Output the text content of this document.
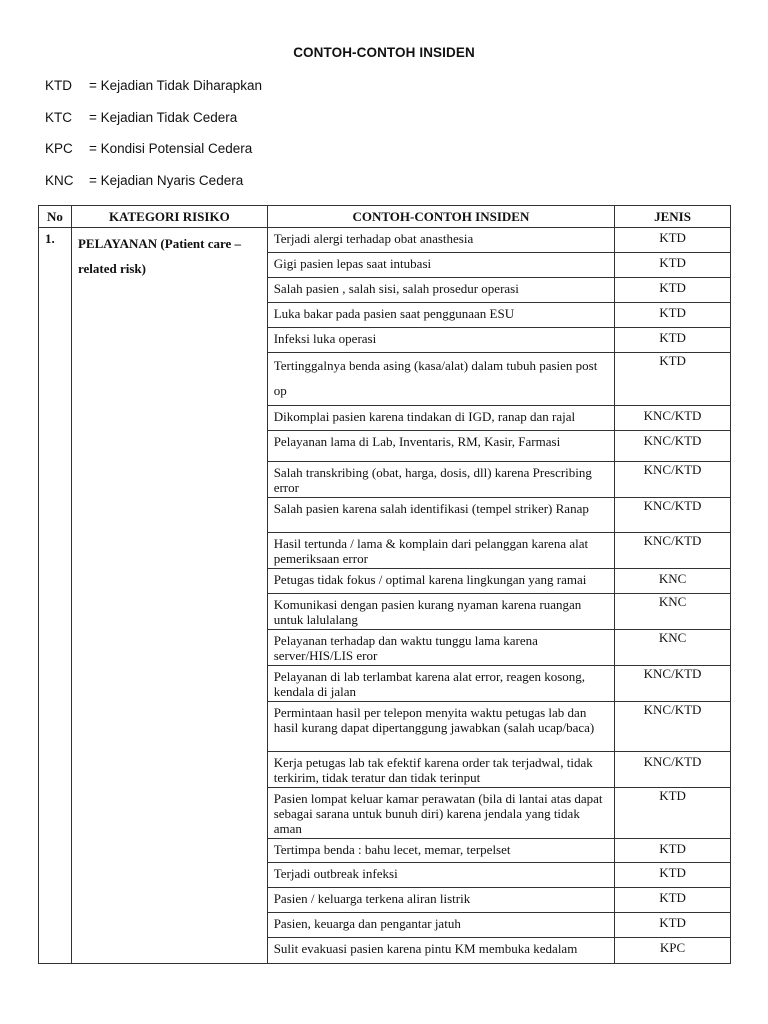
CONTOH-CONTOH INSIDEN
KTD	= Kejadian Tidak Diharapkan
KTC	= Kejadian Tidak Cedera
KPC	= Kondisi Potensial Cedera
KNC	= Kejadian Nyaris Cedera
No	KATEGORI RISIKO	CONTOH-CONTOH INSIDEN	JENIS
1.	PELAYANAN (Patient care – related risk)	Terjadi alergi terhadap obat anasthesia	KTD
		Gigi pasien lepas saat intubasi	KTD
		Salah pasien , salah sisi, salah prosedur operasi	KTD
		Luka bakar pada pasien saat penggunaan ESU	KTD
		Infeksi luka operasi	KTD
		Tertinggalnya benda asing (kasa/alat) dalam tubuh pasien post op	KTD
		Dikomplai pasien karena tindakan di IGD, ranap dan rajal	KNC/KTD
		Pelayanan lama di Lab, Inventaris, RM, Kasir, Farmasi	KNC/KTD
		Salah transkribing (obat, harga, dosis, dll) karena Prescribing error	KNC/KTD
		Salah pasien karena salah identifikasi (tempel striker) Ranap	KNC/KTD
		Hasil tertunda / lama & komplain dari pelanggan karena alat pemeriksaan error	KNC/KTD
		Petugas tidak fokus / optimal karena lingkungan yang ramai	KNC
		Komunikasi dengan pasien kurang nyaman karena ruangan untuk lalulalang	KNC
		Pelayanan terhadap dan waktu tunggu lama karena server/HIS/LIS eror	KNC
		Pelayanan di lab terlambat karena alat error, reagen kosong, kendala di jalan	KNC/KTD
		Permintaan hasil per telepon menyita waktu petugas lab dan hasil kurang dapat dipertanggung jawabkan (salah ucap/baca)	KNC/KTD
		Kerja petugas lab tak efektif karena order tak terjadwal, tidak terkirim, tidak teratur dan tidak terinput	KNC/KTD
		Pasien lompat keluar kamar perawatan (bila di lantai atas dapat sebagai sarana untuk bunuh diri) karena jendala yang tidak aman	KTD
		Tertimpa benda : bahu lecet, memar, terpelset	KTD
		Terjadi outbreak infeksi	KTD
		Pasien / keluarga terkena aliran listrik	KTD
		Pasien, keuarga dan pengantar jatuh	KTD
		Sulit evakuasi pasien karena pintu KM membuka kedalam	KPC
